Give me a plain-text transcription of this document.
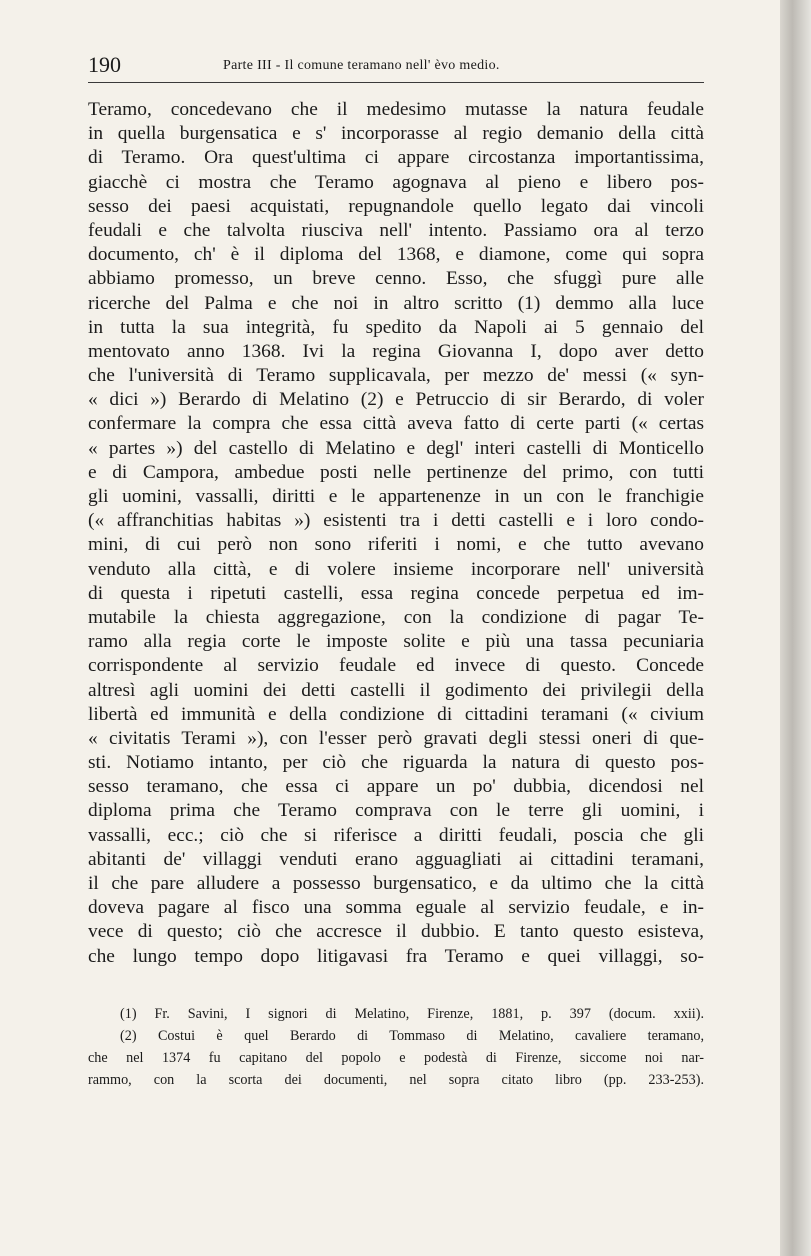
190	Parte III - Il comune teramano nell' èvo medio.
Teramo, concedevano che il medesimo mutasse la natura feudale
in quella burgensatica e s' incorporasse al regio demanio della città
di Teramo. Ora quest'ultima ci appare circostanza importantissima,
giacchè ci mostra che Teramo agognava al pieno e libero pos-
sesso dei paesi acquistati, repugnandole quello legato dai vincoli
feudali e che talvolta riusciva nell' intento. Passiamo ora al terzo
documento, ch' è il diploma del 1368, e diamone, come qui sopra
abbiamo promesso, un breve cenno. Esso, che sfuggì pure alle
ricerche del Palma e che noi in altro scritto (1) demmo alla luce
in tutta la sua integrità, fu spedito da Napoli ai 5 gennaio del
mentovato anno 1368. Ivi la regina Giovanna I, dopo aver detto
che l'università di Teramo supplicavala, per mezzo de' messi (« syn-
« dici ») Berardo di Melatino (2) e Petruccio di sir Berardo, di voler
confermare la compra che essa città aveva fatto di certe parti (« certas
« partes ») del castello di Melatino e degl' interi castelli di Monticello
e di Campora, ambedue posti nelle pertinenze del primo, con tutti
gli uomini, vassalli, diritti e le appartenenze in un con le franchigie
(« affranchitias habitas ») esistenti tra i detti castelli e i loro condo-
mini, di cui però non sono riferiti i nomi, e che tutto avevano
venduto alla città, e di volere insieme incorporare nell' università
di questa i ripetuti castelli, essa regina concede perpetua ed im-
mutabile la chiesta aggregazione, con la condizione di pagar Te-
ramo alla regia corte le imposte solite e più una tassa pecuniaria
corrispondente al servizio feudale ed invece di questo. Concede
altresì agli uomini dei detti castelli il godimento dei privilegii della
libertà ed immunità e della condizione di cittadini teramani (« civium
« civitatis Terami »), con l'esser però gravati degli stessi oneri di que-
sti. Notiamo intanto, per ciò che riguarda la natura di questo pos-
sesso teramano, che essa ci appare un po' dubbia, dicendosi nel
diploma prima che Teramo comprava con le terre gli uomini, i
vassalli, ecc.; ciò che si riferisce a diritti feudali, poscia che gli
abitanti de' villaggi venduti erano agguagliati ai cittadini teramani,
il che pare alludere a possesso burgensatico, e da ultimo che la città
doveva pagare al fisco una somma eguale al servizio feudale, e in-
vece di questo; ciò che accresce il dubbio. E tanto questo esisteva,
che lungo tempo dopo litigavasi fra Teramo e quei villaggi, so-
(1) Fr. Savini, I signori di Melatino, Firenze, 1881, p. 397 (docum. xxii).
(2) Costui è quel Berardo di Tommaso di Melatino, cavaliere teramano,
che nel 1374 fu capitano del popolo e podestà di Firenze, siccome noi nar-
rammo, con la scorta dei documenti, nel sopra citato libro (pp. 233-253).
